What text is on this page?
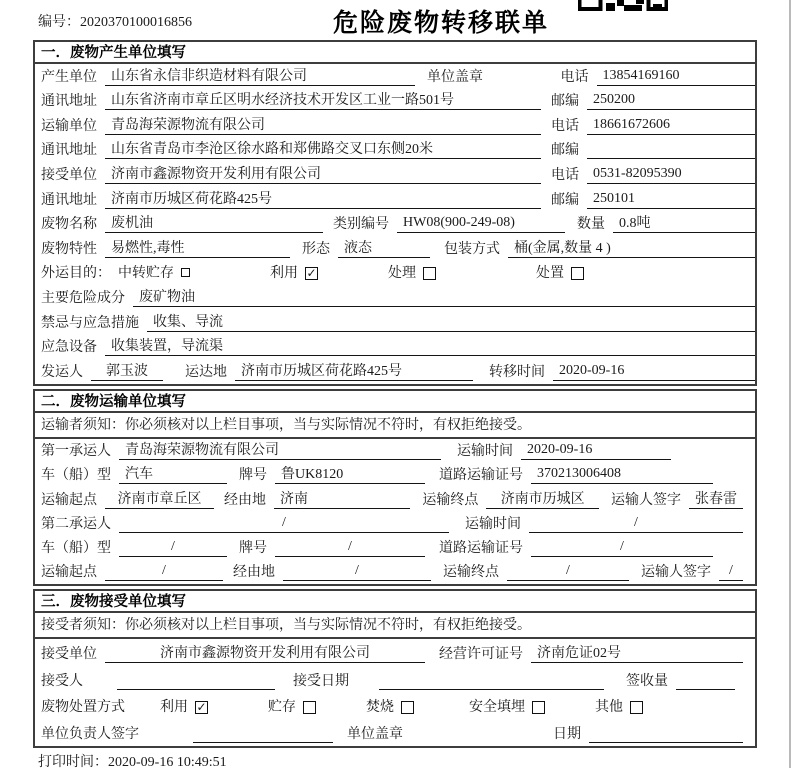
编号：2020370100016856	危险废物转移联单
一．废物产生单位填写
产生单位	山东省永信非织造材料有限公司	单位盖章	电话	13854169160
通讯地址	山东省济南市章丘区明水经济技术开发区工业一路501号	邮编	250200
运输单位	青岛海荣源物流有限公司	电话	18661672606
通讯地址	山东省青岛市李沧区徐水路和郑佛路交叉口东侧20米	邮编
接受单位	济南市鑫源物资开发利用有限公司	电话	0531-82095390
通讯地址	济南市历城区荷花路425号	邮编	250101
废物名称	废机油	类别编号	HW08(900-249-08)	数量	0.8吨
废物特性	易燃性,毒性	形态	液态	包装方式	桶(金属,数量 4 )
外运目的： 中转贮存	利用 ✓	处理	处置
主要危险成分	废矿物油
禁忌与应急措施	收集、导流
应急设备	收集装置，导流渠
发运人	郭玉波	运达地	济南市历城区荷花路425号	转移时间	2020-09-16
二．废物运输单位填写
运输者须知：你必须核对以上栏目事项，当与实际情况不符时，有权拒绝接受。
第一承运人	青岛海荣源物流有限公司	运输时间	2020-09-16
车（船）型	汽车	牌号	鲁UK8120	道路运输证号	370213006408
运输起点	济南市章丘区	经由地	济南	运输终点	济南市历城区	运输人签字	张春雷
第二承运人	/	运输时间	/
车（船）型	/	牌号	/	道路运输证号	/
运输起点	/	经由地	/	运输终点	/	运输人签字	/
三．废物接受单位填写
接受者须知：你必须核对以上栏目事项，当与实际情况不符时，有权拒绝接受。
接受单位	济南市鑫源物资开发利用有限公司	经营许可证号	济南危证02号
接受人	接受日期	签收量
废物处置方式	利用 ✓	贮存	焚烧	安全填埋	其他
单位负责人签字	单位盖章	日期
打印时间：2020-09-16 10:49:51
